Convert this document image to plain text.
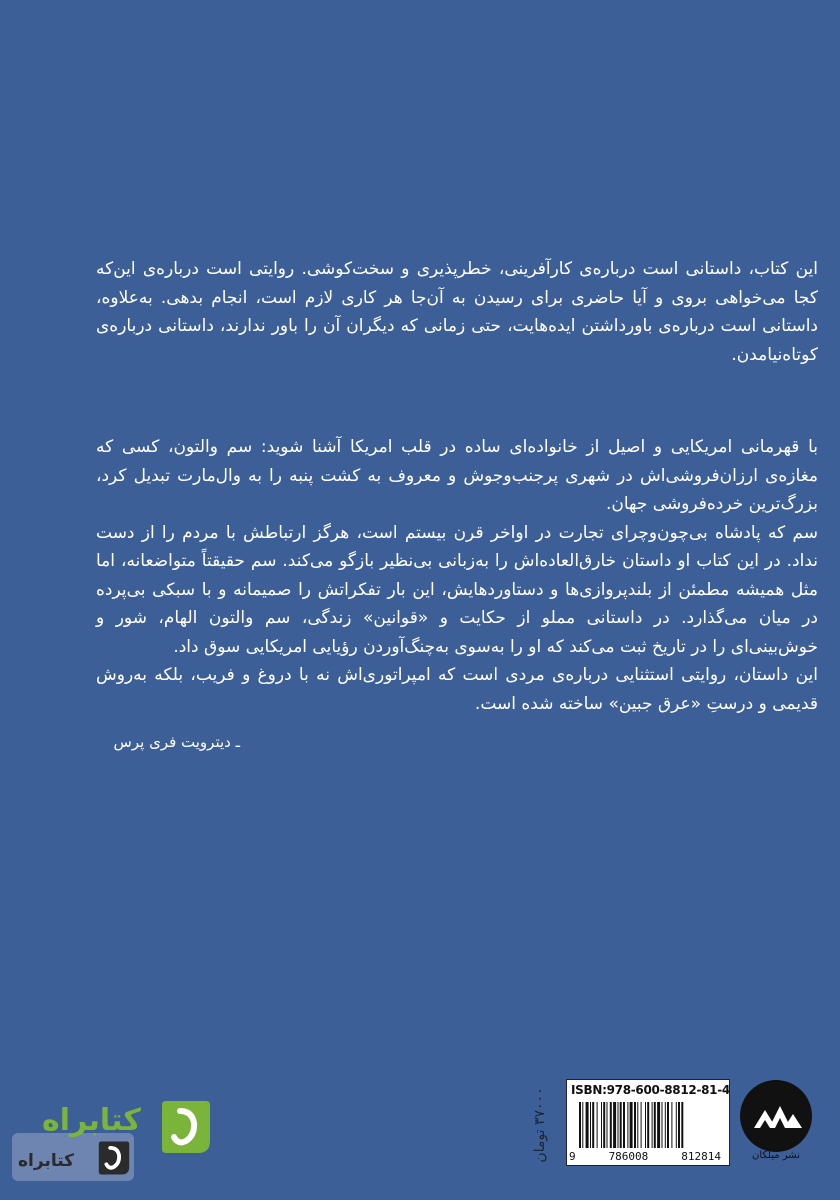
این کتاب، داستانی است درباره‌ی کارآفرینی، خطرپذیری و سخت‌کوشی. روایتی است درباره‌ی این‌که کجا می‌خواهی بروی و آیا حاضری برای رسیدن به آن‌جا هر کاری لازم است، انجام بدهی. به‌علاوه، داستانی است درباره‌ی باورداشتن ایده‌هایت، حتی زمانی که دیگران آن را باور ندارند، داستانی درباره‌ی کوتاه‌نیامدن.

با قهرمانی امریکایی و اصیل از خانواده‌ای ساده در قلب امریکا آشنا شوید: سم والتون، کسی که مغازه‌ی ارزان‌فروشی‌اش در شهری پرجنب‌وجوش و معروف به کشت پنبه را به وال‌مارت تبدیل کرد، بزرگ‌ترین خرده‌فروشی جهان.

سم که پادشاه بی‌چون‌وچرای تجارت در اواخر قرن بیستم است، هرگز ارتباطش با مردم را از دست نداد. در این کتاب او داستان خارق‌العاده‌اش را به‌زبانی بی‌نظیر بازگو می‌کند. سم حقیقتاً متواضعانه، اما مثل همیشه مطمئن از بلندپروازی‌ها و دستاوردهایش، این بار تفکراتش را صمیمانه و با سبکی بی‌پرده در میان می‌گذارد. در داستانی مملو از حکایت و «قوانین» زندگی، سم والتون الهام، شور و خوش‌بینی‌ای را در تاریخ ثبت می‌کند که او را به‌سوی به‌چنگ‌آوردن رؤیایی امریکایی سوق داد.

این داستان، روایتی استثنایی درباره‌ی مردی است که امپراتوری‌اش نه با دروغ و فریب، بلکه به‌روش قدیمی و درستِ «عرق جبین» ساخته شده است.

ـ دیترویت فری پرس
۳۷۰۰۰ تومان ISBN:978-600-8812-81-4
9	786008	812814	نشر میلکان
کتابراه
کتابراه
